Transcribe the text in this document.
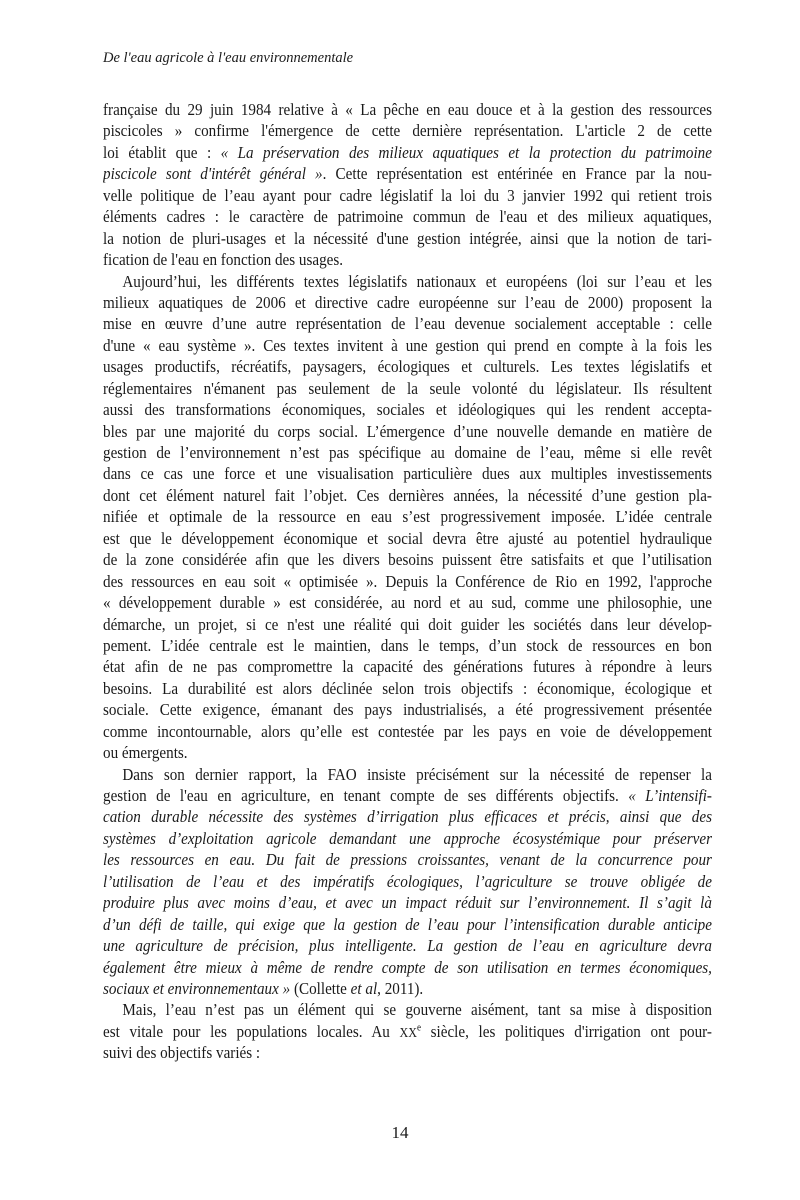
De l'eau agricole à l'eau environnementale
française du 29 juin 1984 relative à « La pêche en eau douce et à la gestion des ressources
piscicoles » confirme l'émergence de cette dernière représentation. L'article 2 de cette
loi établit que : « La préservation des milieux aquatiques et la protection du patrimoine
piscicole sont d'intérêt général ». Cette représentation est entérinée en France par la nou-
velle politique de l’eau ayant pour cadre législatif la loi du 3 janvier 1992 qui retient trois
éléments cadres : le caractère de patrimoine commun de l'eau et des milieux aquatiques,
la notion de pluri-usages et la nécessité d'une gestion intégrée, ainsi que la notion de tari-
fication de l'eau en fonction des usages.
Aujourd’hui, les différents textes législatifs nationaux et européens (loi sur l’eau et les
milieux aquatiques de 2006 et directive cadre européenne sur l’eau de 2000) proposent la
mise en œuvre d’une autre représentation de l’eau devenue socialement acceptable : celle
d'une « eau système ». Ces textes invitent à une gestion qui prend en compte à la fois les
usages productifs, récréatifs, paysagers, écologiques et culturels. Les textes législatifs et
réglementaires n'émanent pas seulement de la seule volonté du législateur. Ils résultent
aussi des transformations économiques, sociales et idéologiques qui les rendent accepta-
bles par une majorité du corps social. L’émergence d’une nouvelle demande en matière de
gestion de l’environnement n’est pas spécifique au domaine de l’eau, même si elle revêt
dans ce cas une force et une visualisation particulière dues aux multiples investissements
dont cet élément naturel fait l’objet. Ces dernières années, la nécessité d’une gestion pla-
nifiée et optimale de la ressource en eau s’est progressivement imposée. L’idée centrale
est que le développement économique et social devra être ajusté au potentiel hydraulique
de la zone considérée afin que les divers besoins puissent être satisfaits et que l’utilisation
des ressources en eau soit « optimisée ». Depuis la Conférence de Rio en 1992, l'approche
« développement durable » est considérée, au nord et au sud, comme une philosophie, une
démarche, un projet, si ce n'est une réalité qui doit guider les sociétés dans leur dévelop-
pement. L’idée centrale est le maintien, dans le temps, d’un stock de ressources en bon
état afin de ne pas compromettre la capacité des générations futures à répondre à leurs
besoins. La durabilité est alors déclinée selon trois objectifs : économique, écologique et
sociale. Cette exigence, émanant des pays industrialisés, a été progressivement présentée
comme incontournable, alors qu’elle est contestée par les pays en voie de développement
ou émergents.
Dans son dernier rapport, la FAO insiste précisément sur la nécessité de repenser la
gestion de l'eau en agriculture, en tenant compte de ses différents objectifs. « L’intensifi-
cation durable nécessite des systèmes d’irrigation plus efficaces et précis, ainsi que des
systèmes d’exploitation agricole demandant une approche écosystémique pour préserver
les ressources en eau. Du fait de pressions croissantes, venant de la concurrence pour
l’utilisation de l’eau et des impératifs écologiques, l’agriculture se trouve obligée de
produire plus avec moins d’eau, et avec un impact réduit sur l’environnement. Il s’agit là
d’un défi de taille, qui exige que la gestion de l’eau pour l’intensification durable anticipe
une agriculture de précision, plus intelligente. La gestion de l’eau en agriculture devra
également être mieux à même de rendre compte de son utilisation en termes économiques,
sociaux et environnementaux » (Collette et al, 2011).
Mais, l’eau n’est pas un élément qui se gouverne aisément, tant sa mise à disposition
est vitale pour les populations locales. Au XXe siècle, les politiques d'irrigation ont pour-
suivi des objectifs variés :
14
